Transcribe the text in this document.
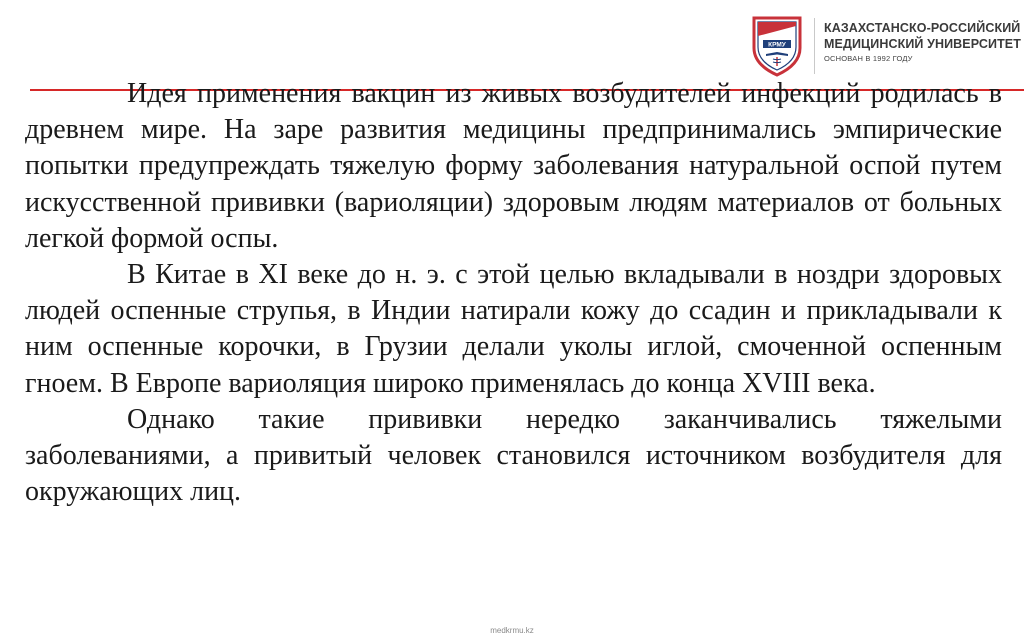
КРМУ
КАЗАХСТАНСКО-РОССИЙСКИЙ
МЕДИЦИНСКИЙ УНИВЕРСИТЕТ
ОСНОВАН В 1992 ГОДУ

Идея применения вакцин из живых возбудителей инфекций родилась в древнем мире. На заре развития медицины предпринимались эмпирические попытки предупреждать тяжелую форму заболевания натуральной оспой путем искусственной прививки (вариоляции) здоровым людям материалов от больных легкой формой оспы.

В Китае в XI веке до н. э. с этой целью вкладывали в ноздри здоровых людей оспенные струпья, в Индии натирали кожу до ссадин и прикладывали к ним оспенные корочки, в Грузии делали уколы иглой, смоченной оспенным гноем. В Европе вариоляция широко применялась до конца XVIII века.

Однако такие прививки нередко заканчивались тяжелыми заболеваниями, а привитый человек становился источником возбудителя для окружающих лиц.

medkrmu.kz
